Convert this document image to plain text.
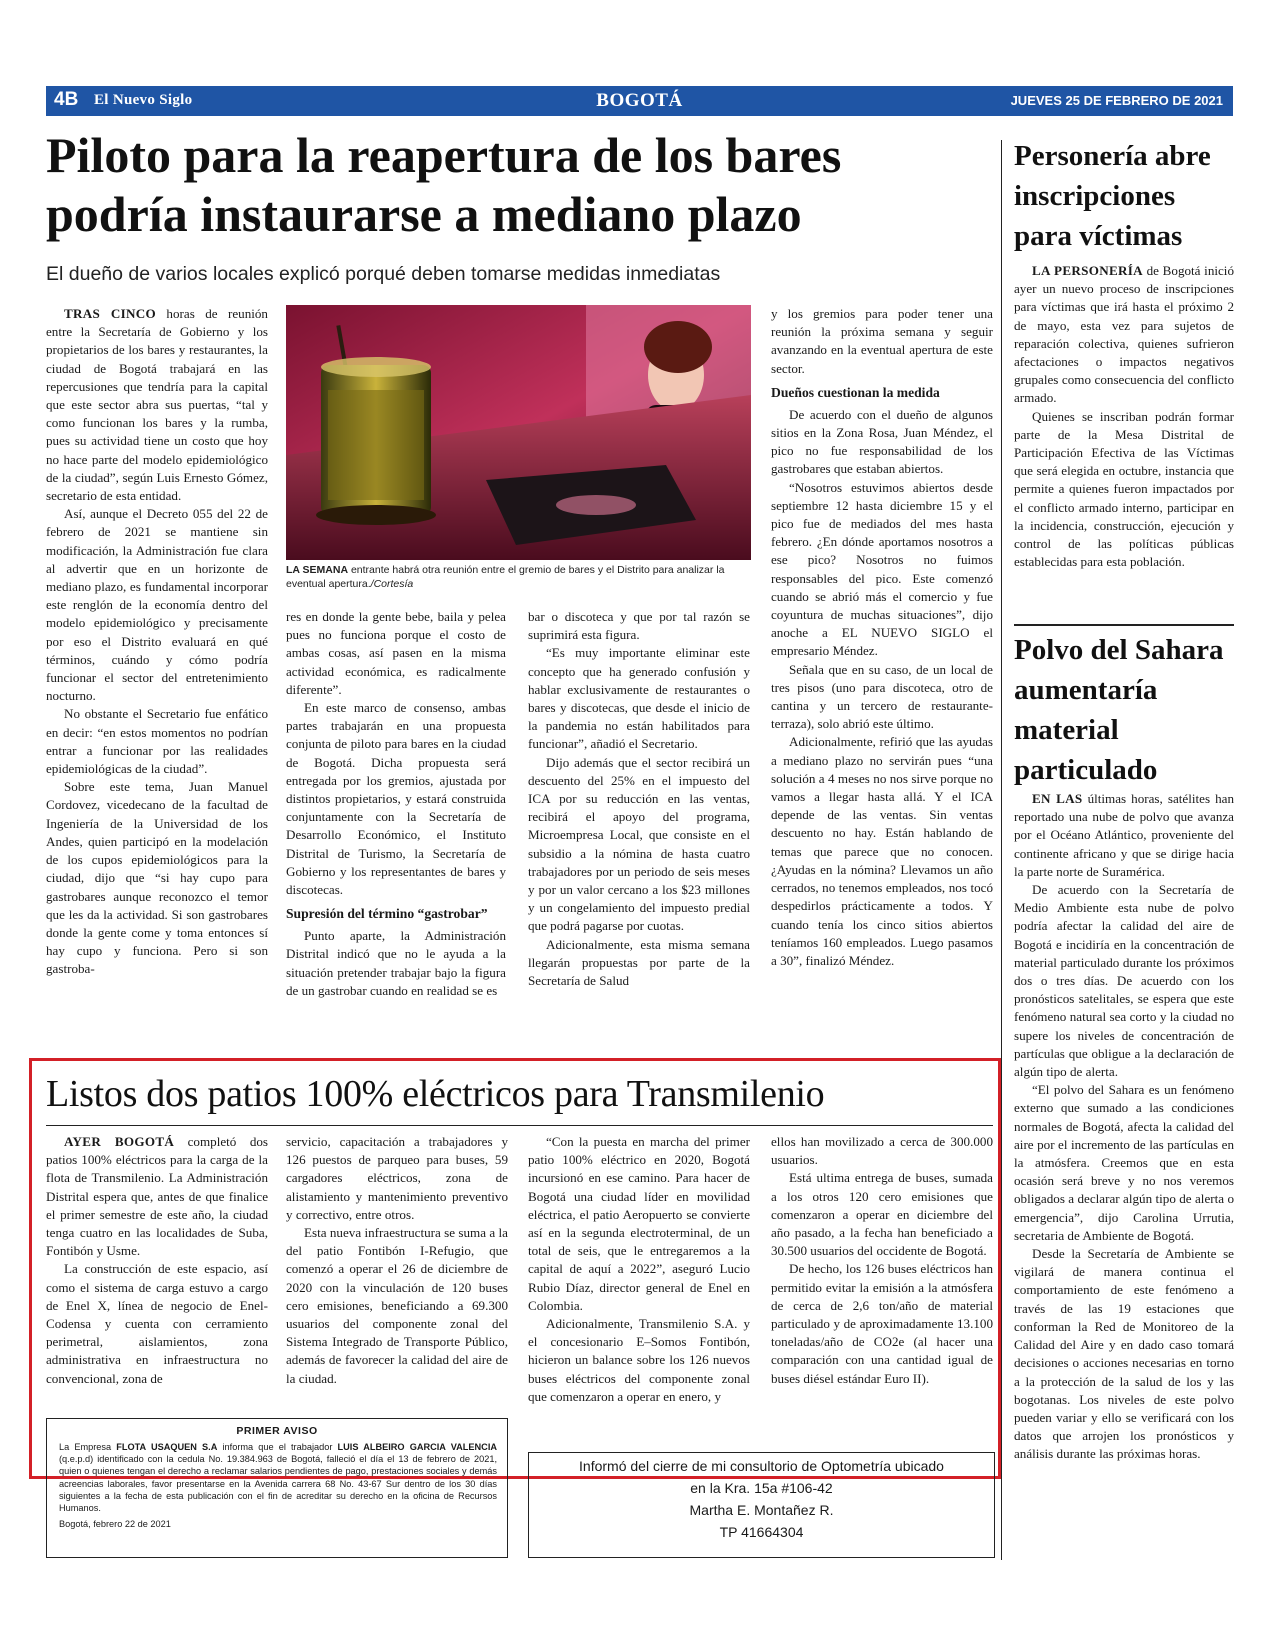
4B El Nuevo Siglo	BOGOTÁ	JUEVES 25 DE FEBRERO DE 2021
Piloto para la reapertura de los bares podría instaurarse a mediano plazo
El dueño de varios locales explicó porqué deben tomarse medidas inmediatas
LA SEMANA entrante habrá otra reunión entre el gremio de bares y el Distrito para analizar la eventual apertura./Cortesía

TRAS CINCO horas de reunión entre la Secretaría de Gobierno y los propietarios de los bares y restaurantes, la ciudad de Bogotá trabajará en las repercusiones que tendría para la capital que este sector abra sus puertas, “tal y como funcionan los bares y la rumba, pues su actividad tiene un costo que hoy no hace parte del modelo epidemiológico de la ciudad”, según Luis Ernesto Gómez, secretario de esta entidad.

Así, aunque el Decreto 055 del 22 de febrero de 2021 se mantiene sin modificación, la Administración fue clara al advertir que en un horizonte de mediano plazo, es fundamental incorporar este renglón de la economía dentro del modelo epidemiológico y precisamente por eso el Distrito evaluará en qué términos, cuándo y cómo podría funcionar el sector del entretenimiento nocturno.

No obstante el Secretario fue enfático en decir: “en estos momentos no podrían entrar a funcionar por las realidades epidemiológicas de la ciudad”.

Sobre este tema, Juan Manuel Cordovez, vicedecano de la facultad de Ingeniería de la Universidad de los Andes, quien participó en la modelación de los cupos epidemiológicos para la ciudad, dijo que “si hay cupo para gastrobares aunque reconozco el temor que les da la actividad. Si son gastrobares donde la gente come y toma entonces sí hay cupo y funciona. Pero si son gastroba-

res en donde la gente bebe, baila y pelea pues no funciona porque el costo de ambas cosas, así pasen en la misma actividad económica, es radicalmente diferente”.

En este marco de consenso, ambas partes trabajarán en una propuesta conjunta de piloto para bares en la ciudad de Bogotá. Dicha propuesta será entregada por los gremios, ajustada por distintos propietarios, y estará construida conjuntamente con la Secretaría de Desarrollo Económico, el Instituto Distrital de Turismo, la Secretaría de Gobierno y los representantes de bares y discotecas.

Supresión del término “gastrobar”

Punto aparte, la Administración Distrital indicó que no le ayuda a la situación pretender trabajar bajo la figura de un gastrobar cuando en realidad se es

bar o discoteca y que por tal razón se suprimirá esta figura.

“Es muy importante eliminar este concepto que ha generado confusión y hablar exclusivamente de restaurantes o bares y discotecas, que desde el inicio de la pandemia no están habilitados para funcionar”, añadió el Secretario.

Dijo además que el sector recibirá un descuento del 25% en el impuesto del ICA por su reducción en las ventas, recibirá el apoyo del programa, Microempresa Local, que consiste en el subsidio a la nómina de hasta cuatro trabajadores por un periodo de seis meses y por un valor cercano a los $23 millones y un congelamiento del impuesto predial que podrá pagarse por cuotas.

Adicionalmente, esta misma semana llegarán propuestas por parte de la Secretaría de Salud

y los gremios para poder tener una reunión la próxima semana y seguir avanzando en la eventual apertura de este sector.

Dueños cuestionan la medida

De acuerdo con el dueño de algunos sitios en la Zona Rosa, Juan Méndez, el pico no fue responsabilidad de los gastrobares que estaban abiertos.

“Nosotros estuvimos abiertos desde septiembre 12 hasta diciembre 15 y el pico fue de mediados del mes hasta febrero. ¿En dónde aportamos nosotros a ese pico? Nosotros no fuimos responsables del pico. Este comenzó cuando se abrió más el comercio y fue coyuntura de muchas situaciones”, dijo anoche a EL NUEVO SIGLO el empresario Méndez.

Señala que en su caso, de un local de tres pisos (uno para discoteca, otro de cantina y un tercero de restaurante-terraza), solo abrió este último.

Adicionalmente, refirió que las ayudas a mediano plazo no servirán pues “una solución a 4 meses no nos sirve porque no vamos a llegar hasta allá. Y el ICA depende de las ventas. Sin ventas descuento no hay. Están hablando de temas que parece que no conocen. ¿Ayudas en la nómina? Llevamos un año cerrados, no tenemos empleados, nos tocó despedirlos prácticamente a todos. Y cuando tenía los cinco sitios abiertos teníamos 160 empleados. Luego pasamos a 30”, finalizó Méndez.

Personería abre inscripciones para víctimas

LA PERSONERÍA de Bogotá inició ayer un nuevo proceso de inscripciones para víctimas que irá hasta el próximo 2 de mayo, esta vez para sujetos de reparación colectiva, quienes sufrieron afectaciones o impactos negativos grupales como consecuencia del conflicto armado.

Quienes se inscriban podrán formar parte de la Mesa Distrital de Participación Efectiva de las Víctimas que será elegida en octubre, instancia que permite a quienes fueron impactados por el conflicto armado interno, participar en la incidencia, construcción, ejecución y control de las políticas públicas establecidas para esta población.

Polvo del Sahara aumentaría material particulado

EN LAS últimas horas, satélites han reportado una nube de polvo que avanza por el Océano Atlántico, proveniente del continente africano y que se dirige hacia la parte norte de Suramérica.

De acuerdo con la Secretaría de Medio Ambiente esta nube de polvo podría afectar la calidad del aire de Bogotá e incidiría en la concentración de material particulado durante los próximos dos o tres días. De acuerdo con los pronósticos satelitales, se espera que este fenómeno natural sea corto y la ciudad no supere los niveles de concentración de partículas que obligue a la declaración de algún tipo de alerta.

“El polvo del Sahara es un fenómeno externo que sumado a las condiciones normales de Bogotá, afecta la calidad del aire por el incremento de las partículas en la atmósfera. Creemos que en esta ocasión será breve y no nos veremos obligados a declarar algún tipo de alerta o emergencia”, dijo Carolina Urrutia, secretaria de Ambiente de Bogotá.

Desde la Secretaría de Ambiente se vigilará de manera continua el comportamiento de este fenómeno a través de las 19 estaciones que conforman la Red de Monitoreo de la Calidad del Aire y en dado caso tomará decisiones o acciones necesarias en torno a la protección de la salud de los y las bogotanas. Los niveles de este polvo pueden variar y ello se verificará con los datos que arrojen los pronósticos y análisis durante las próximas horas.

Listos dos patios 100% eléctricos para Transmilenio

AYER BOGOTÁ completó dos patios 100% eléctricos para la carga de la flota de Transmilenio. La Administración Distrital espera que, antes de que finalice el primer semestre de este año, la ciudad tenga cuatro en las localidades de Suba, Fontibón y Usme.

La construcción de este espacio, así como el sistema de carga estuvo a cargo de Enel X, línea de negocio de Enel-Codensa y cuenta con cerramiento perimetral, aislamientos, zona administrativa en infraestructura no convencional, zona de

servicio, capacitación a trabajadores y 126 puestos de parqueo para buses, 59 cargadores eléctricos, zona de alistamiento y mantenimiento preventivo y correctivo, entre otros.

Esta nueva infraestructura se suma a la del patio Fontibón I-Refugio, que comenzó a operar el 26 de diciembre de 2020 con la vinculación de 120 buses cero emisiones, beneficiando a 69.300 usuarios del componente zonal del Sistema Integrado de Transporte Público, además de favorecer la calidad del aire de la ciudad.

“Con la puesta en marcha del primer patio 100% eléctrico en 2020, Bogotá incursionó en ese camino. Para hacer de Bogotá una ciudad líder en movilidad eléctrica, el patio Aeropuerto se convierte así en la segunda electroterminal, de un total de seis, que le entregaremos a la capital de aquí a 2022”, aseguró Lucio Rubio Díaz, director general de Enel en Colombia.

Adicionalmente, Transmilenio S.A. y el concesionario E–Somos Fontibón, hicieron un balance sobre los 126 nuevos buses eléctricos del componente zonal que comenzaron a operar en enero, y

ellos han movilizado a cerca de 300.000 usuarios.

Está ultima entrega de buses, sumada a los otros 120 cero emisiones que comenzaron a operar en diciembre del año pasado, a la fecha han beneficiado a 30.500 usuarios del occidente de Bogotá.

De hecho, los 126 buses eléctricos han permitido evitar la emisión a la atmósfera de cerca de 2,6 ton/año de material particulado y de aproximadamente 13.100 toneladas/año de CO2e (al hacer una comparación con una cantidad igual de buses diésel estándar Euro II).

PRIMER AVISO
La Empresa FLOTA USAQUEN S.A informa que el trabajador LUIS ALBEIRO GARCIA VALENCIA (q.e.p.d) identificado con la cedula No. 19.384.963 de Bogotá, falleció el día el 13 de febrero de 2021, quien o quienes tengan el derecho a reclamar salarios pendientes de pago, prestaciones sociales y demás acreencias laborales, favor presentarse en la Avenida carrera 68 No. 43-67 Sur dentro de los 30 días siguientes a la fecha de esta publicación con el fin de acreditar su derecho en la oficina de Recursos Humanos.
Bogotá, febrero 22 de 2021
Informó del cierre de mi consultorio de Optometría ubicado
en la Kra. 15a #106-42
Martha E. Montañez R.
TP 41664304
